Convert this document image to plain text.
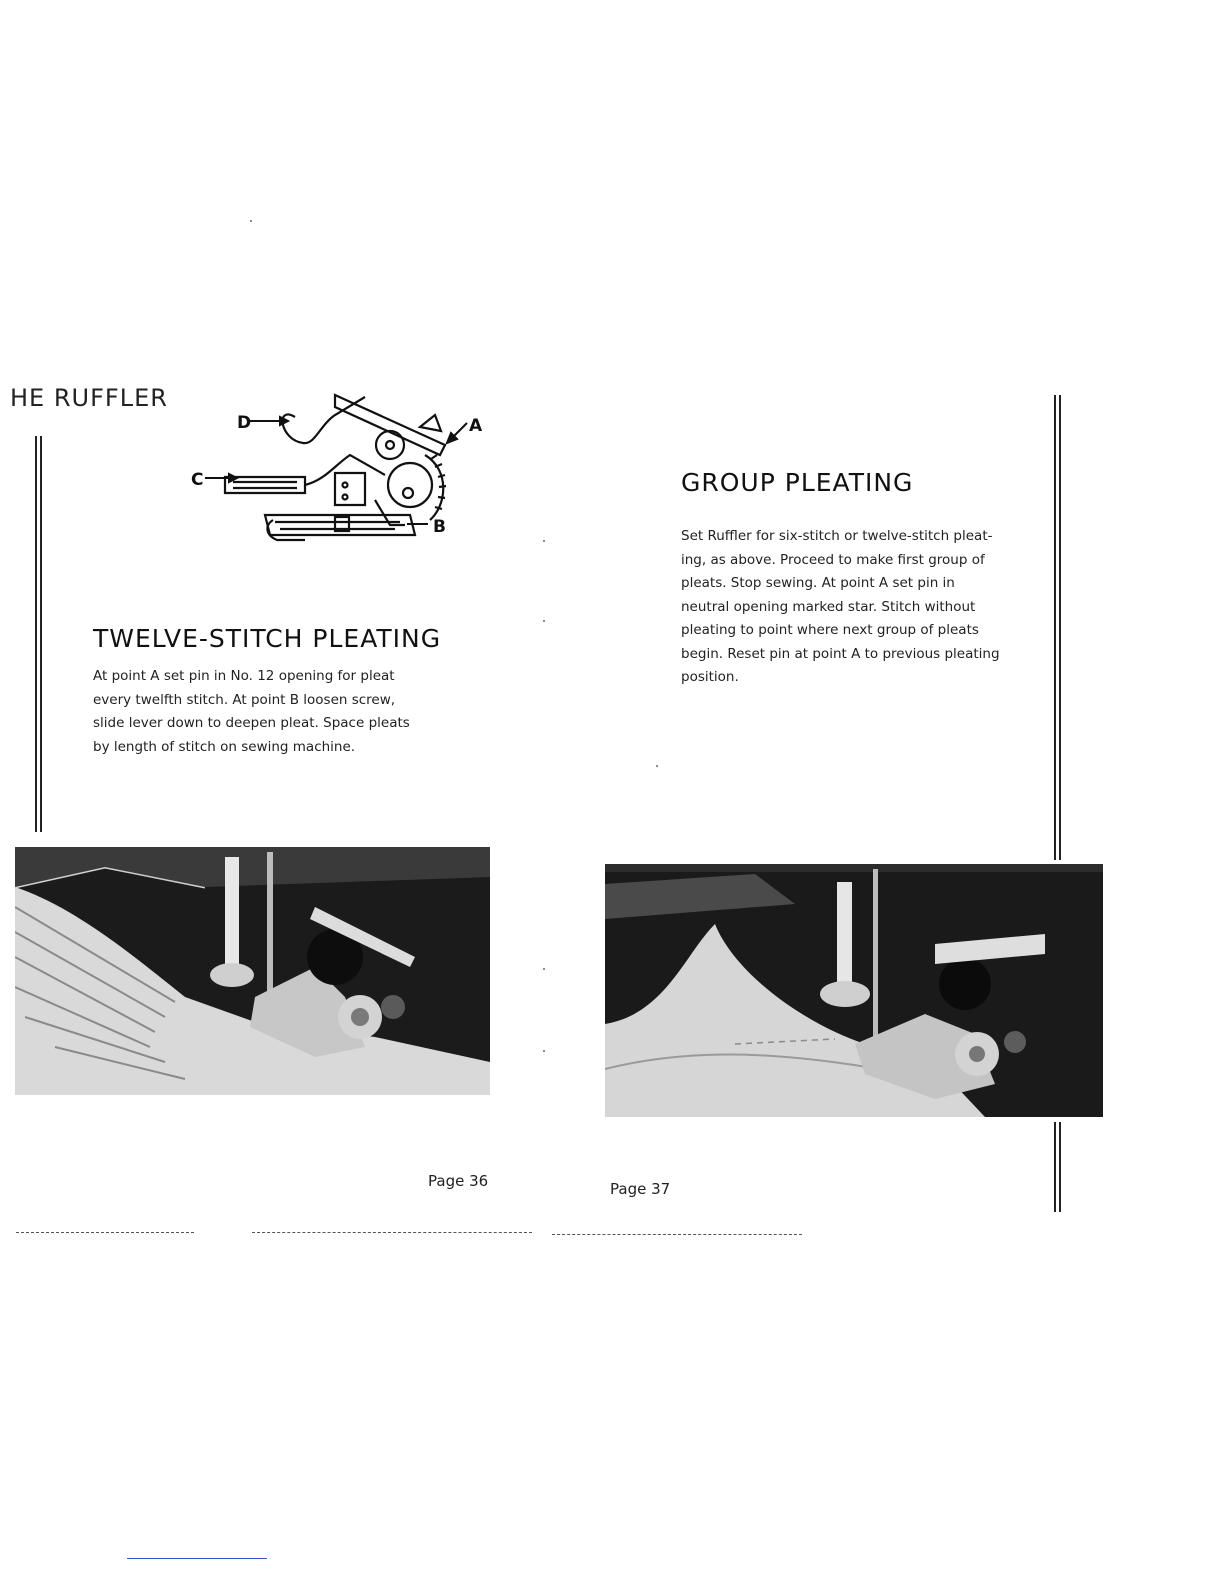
HE RUFFLER
D
C
A
B
TWELVE-STITCH PLEATING
At point A set pin in No. 12 opening for pleat
every twelfth stitch. At point B loosen screw,
slide lever down to deepen pleat. Space pleats
by length of stitch on sewing machine.
Page 36
GROUP PLEATING
Set Ruffler for six-stitch or twelve-stitch pleat-
ing, as above. Proceed to make first group of
pleats. Stop sewing. At point A set pin in
neutral opening marked star. Stitch without
pleating to point where next group of pleats
begin. Reset pin at point A to previous pleating
position.
Page 37
